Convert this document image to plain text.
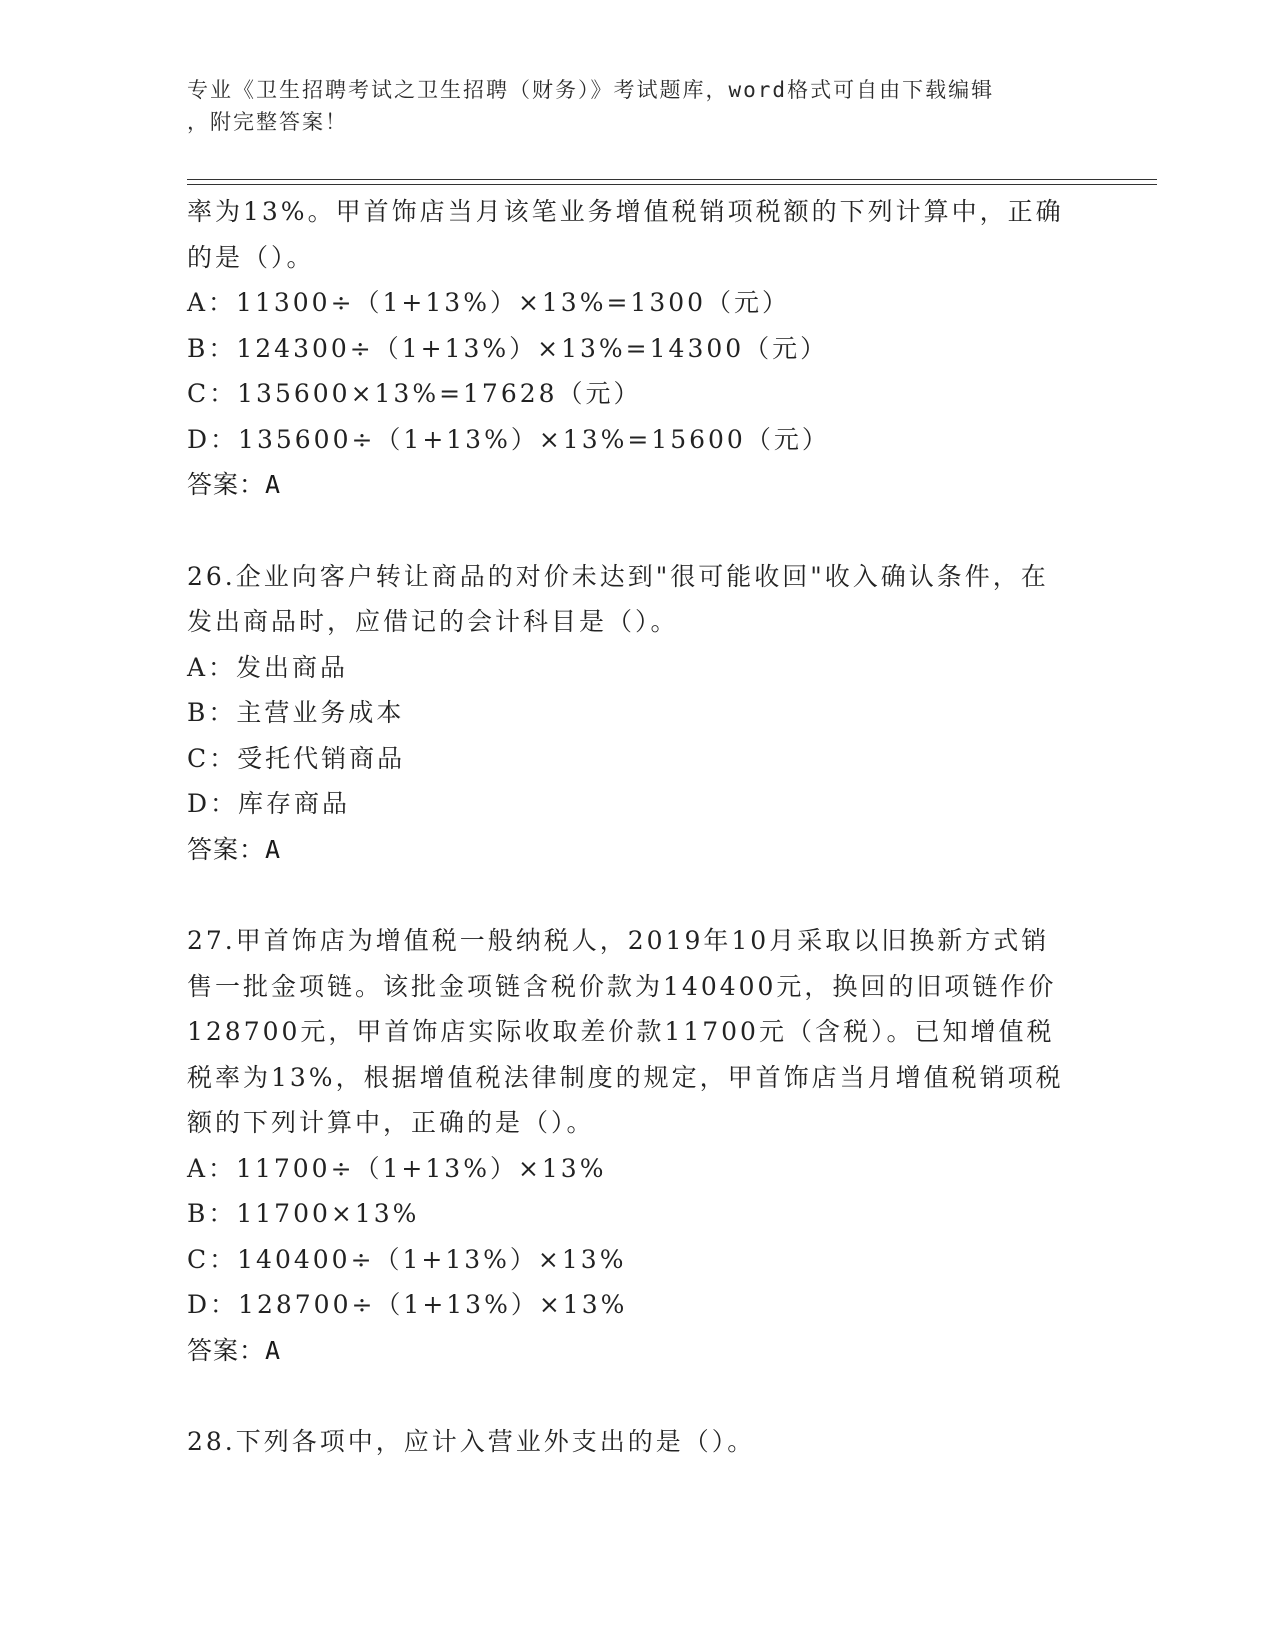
专业《卫生招聘考试之卫生招聘（财务）》考试题库，word格式可自由下载编辑
，附完整答案！
率为13%。甲首饰店当月该笔业务增值税销项税额的下列计算中，正确
的是（）。
A：11300÷（1+13%）×13%=1300（元）
B：124300÷（1+13%）×13%=14300（元）
C：135600×13%=17628（元）
D：135600÷（1+13%）×13%=15600（元）
答案：A
26.企业向客户转让商品的对价未达到"很可能收回"收入确认条件，在
发出商品时，应借记的会计科目是（）。
A：发出商品
B：主营业务成本
C：受托代销商品
D：库存商品
答案：A
27.甲首饰店为增值税一般纳税人，2019年10月采取以旧换新方式销
售一批金项链。该批金项链含税价款为140400元，换回的旧项链作价
128700元，甲首饰店实际收取差价款11700元（含税）。已知增值税
税率为13%，根据增值税法律制度的规定，甲首饰店当月增值税销项税
额的下列计算中，正确的是（）。
A：11700÷（1+13%）×13%
B：11700×13%
C：140400÷（1+13%）×13%
D：128700÷（1+13%）×13%
答案：A
28.下列各项中，应计入营业外支出的是（）。
